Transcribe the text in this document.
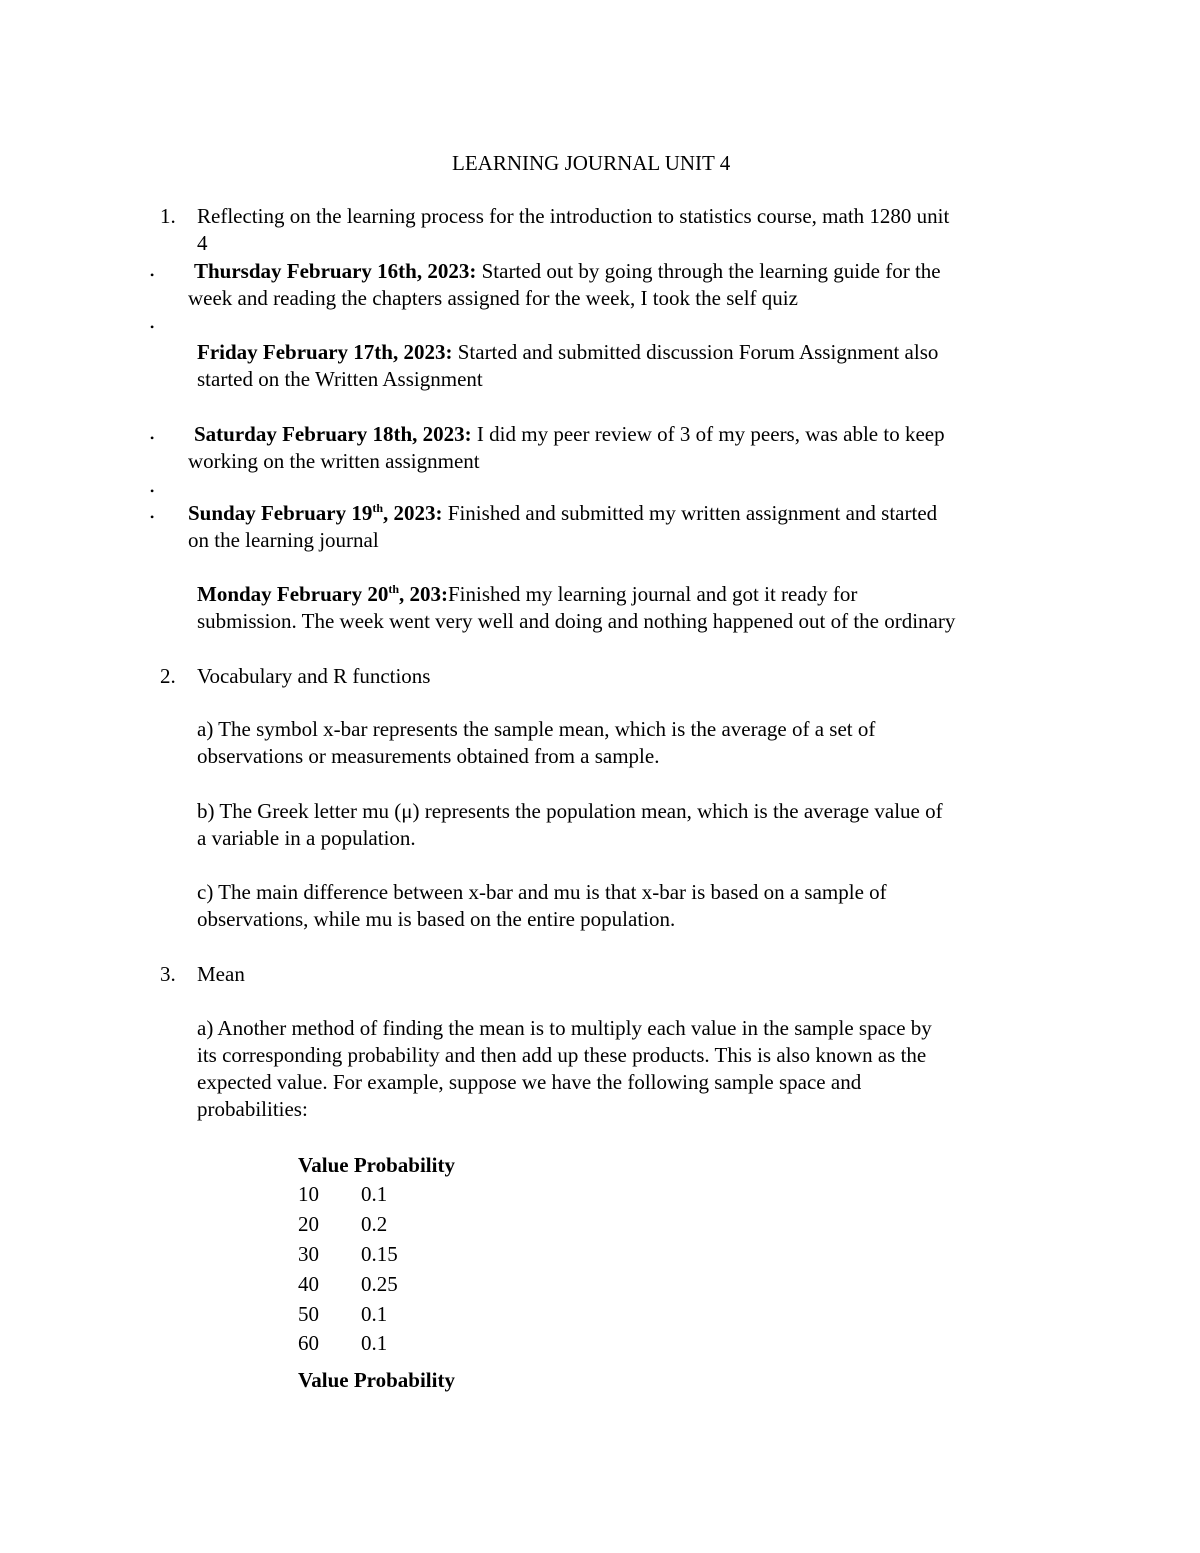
LEARNING JOURNAL UNIT 4
1. Reflecting on the learning process for the introduction to statistics course, math 1280 unit
4
• Thursday February 16th, 2023: Started out by going through the learning guide for the
week and reading the chapters assigned for the week, I took the self quiz
•
Friday February 17th, 2023: Started and submitted discussion Forum Assignment also
started on the Written Assignment
• Saturday February 18th, 2023: I did my peer review of 3 of my peers, was able to keep
working on the written assignment
•
• Sunday February 19th, 2023: Finished and submitted my written assignment and started
on the learning journal
Monday February 20th, 203:Finished my learning journal and got it ready for
submission. The week went very well and doing and nothing happened out of the ordinary
2. Vocabulary and R functions
a) The symbol x-bar represents the sample mean, which is the average of a set of
observations or measurements obtained from a sample.
b) The Greek letter mu (μ) represents the population mean, which is the average value of
a variable in a population.
c) The main difference between x-bar and mu is that x-bar is based on a sample of
observations, while mu is based on the entire population.
3. Mean
a) Another method of finding the mean is to multiply each value in the sample space by
its corresponding probability and then add up these products. This is also known as the
expected value. For example, suppose we have the following sample space and
probabilities:
Value Probability
10 0.1
20 0.2
30 0.15
40 0.25
50 0.1
60 0.1
Value Probability
